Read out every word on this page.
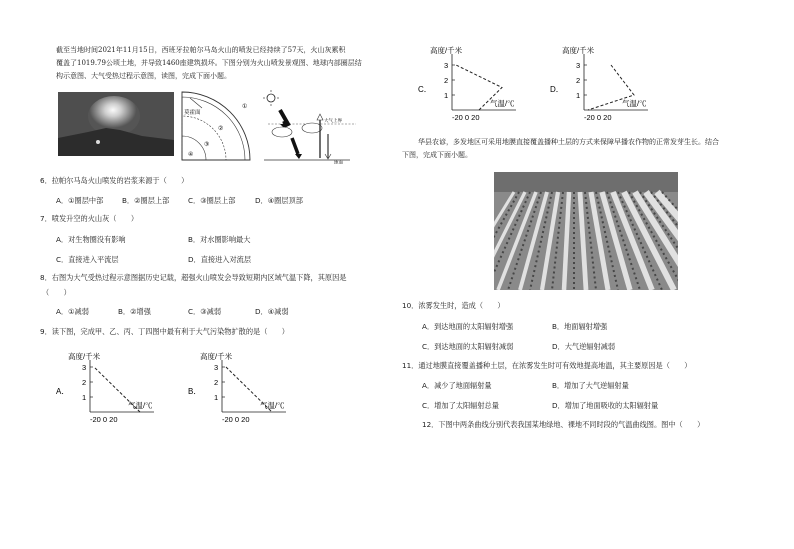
截至当地时间2021年11月15日，西班牙拉帕尔马岛火山的喷发已经持续了57天，火山灰累积
覆盖了1019.79公顷土地，并导致1460座建筑损坏。下图分别为火山喷发景观图、地球内部圈层结
构示意图、大气受热过程示意图，读图，完成下面小题。
莫霍面
①
②
③
④
大气上界
地面
6．拉帕尔马岛火山喷发的岩浆来源于（　　）
A．①圈层中部	B．②圈层上部	C．③圈层上部	D．④圈层顶部
7．喷发升空的火山灰（　　）
A．对生物圈没有影响	B．对水圈影响最大
C．直接进入平流层	D．直接进入对流层
8．右图为大气受热过程示意图据历史记载，超强火山喷发会导致短期内区域气温下降，其原因是
（　　）
A．①减弱	B．②增强	C．③减弱	D．④减弱
9．读下图，完成甲、乙、丙、丁四图中最有利于大气污染物扩散的是（　　）
A．
高度/千米
气温/℃
-20 0 20
3
2
1
B．
高度/千米
气温/℃
-20 0 20
3
2
1
C．
高度/千米
气温/℃
-20 0 20
3
2
1
D．
高度/千米
气温/℃
-20 0 20
3
2
1
华县农谚，多发地区可采用地膜直接覆盖播种土层的方式来保障早播农作物的正常发芽生长。结合
下图，完成下面小题。
10．浓雾发生时，造成（　　）
A．到达地面的太阳辐射增强	B．地面辐射增强
C．到达地面的太阳辐射减弱	D．大气逆辐射减弱
11．通过地膜直接覆盖播种土层，在浓雾发生时可有效地提高地温，其主要原因是（　　）
A．减少了地面辐射量	B．增加了大气逆辐射量
C．增加了太阳辐射总量	D．增加了地面吸收的太阳辐射量
12．下图中两条曲线分别代表我国某地绿地、裸地不同时段的气温曲线图。图中（　　）
